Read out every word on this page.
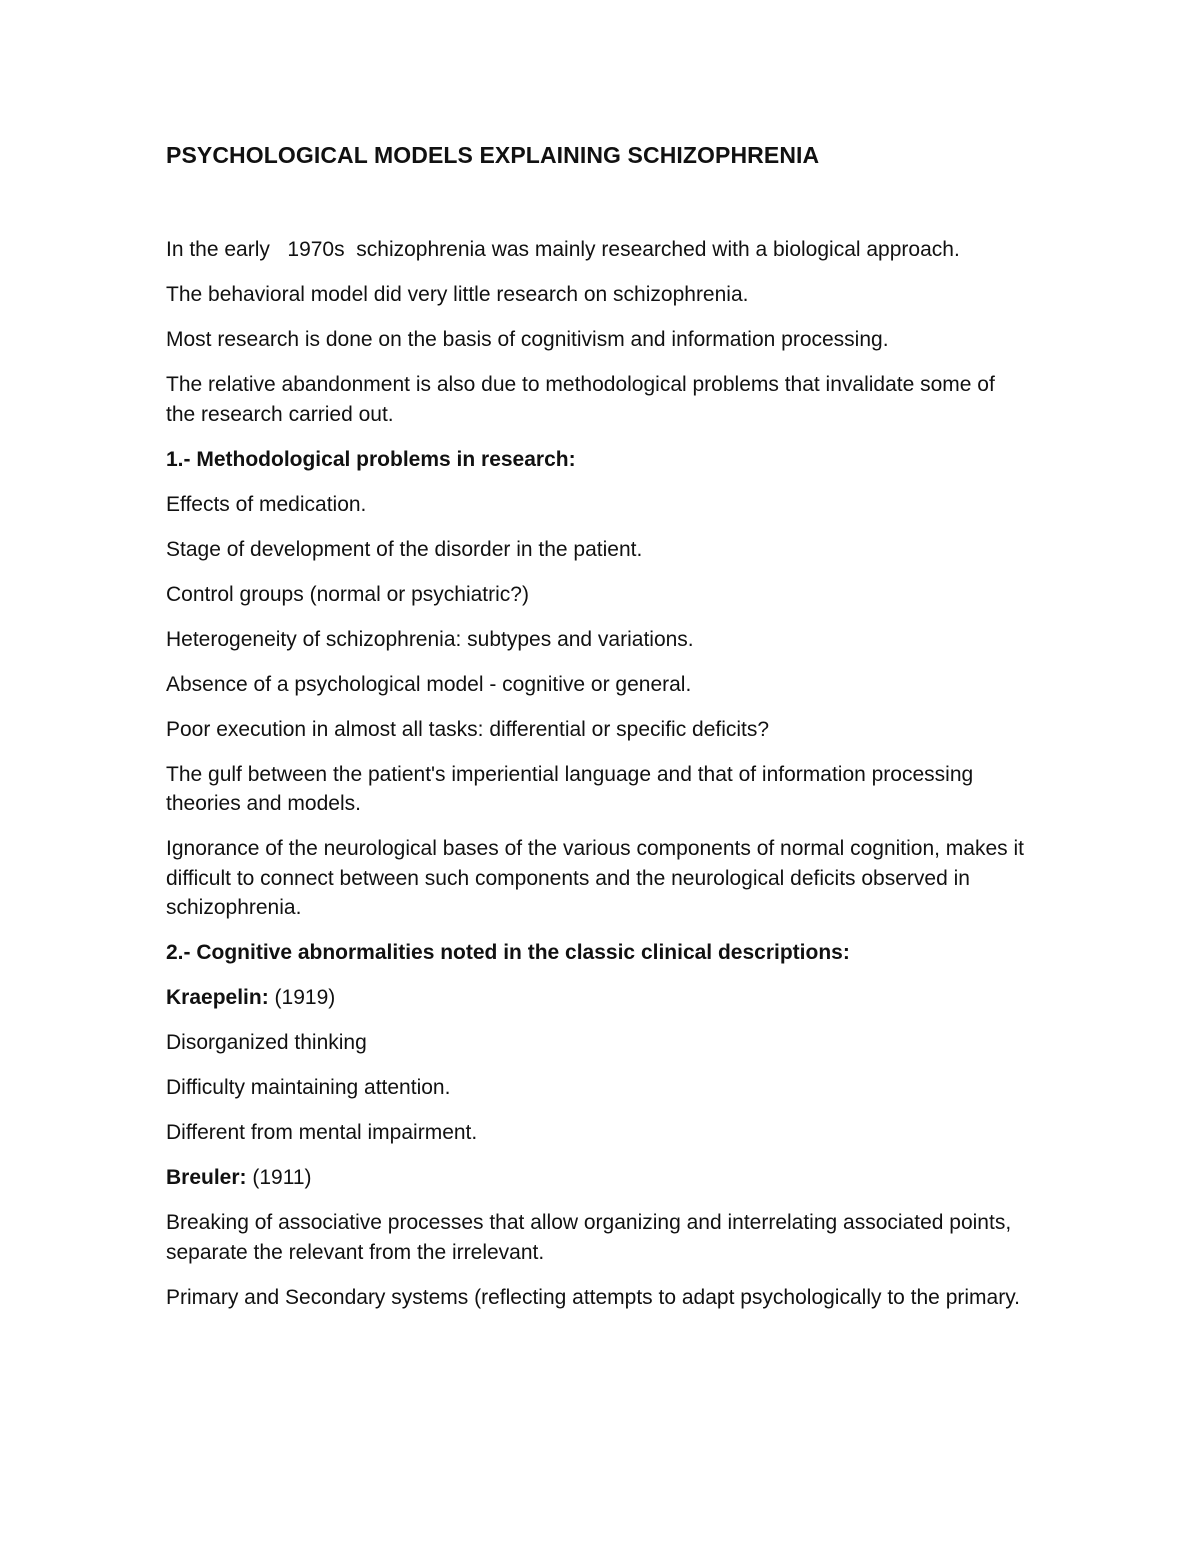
PSYCHOLOGICAL MODELS EXPLAINING SCHIZOPHRENIA
In the early   1970s  schizophrenia was mainly researched with a biological approach.
The behavioral model did very little research on schizophrenia.
Most research is done on the basis of cognitivism and information processing.
The relative abandonment is also due to methodological problems that invalidate some of the research carried out.
1.- Methodological problems in research:
Effects of medication.
Stage of development of the disorder in the patient.
Control groups (normal or psychiatric?)
Heterogeneity of schizophrenia: subtypes and variations.
Absence of a psychological model - cognitive or general.
Poor execution in almost all tasks: differential or specific deficits?
The gulf between the patient's imperiential language and that of information processing theories and models.
Ignorance of the neurological bases of the various components of normal cognition, makes it difficult to connect between such components and the neurological deficits observed in schizophrenia.
2.- Cognitive abnormalities noted in the classic clinical descriptions:
Kraepelin: (1919)
Disorganized thinking
Difficulty maintaining attention.
Different from mental impairment.
Breuler: (1911)
Breaking of associative processes that allow organizing and interrelating associated points, separate the relevant from the irrelevant.
Primary and Secondary systems (reflecting attempts to adapt psychologically to the primary.
